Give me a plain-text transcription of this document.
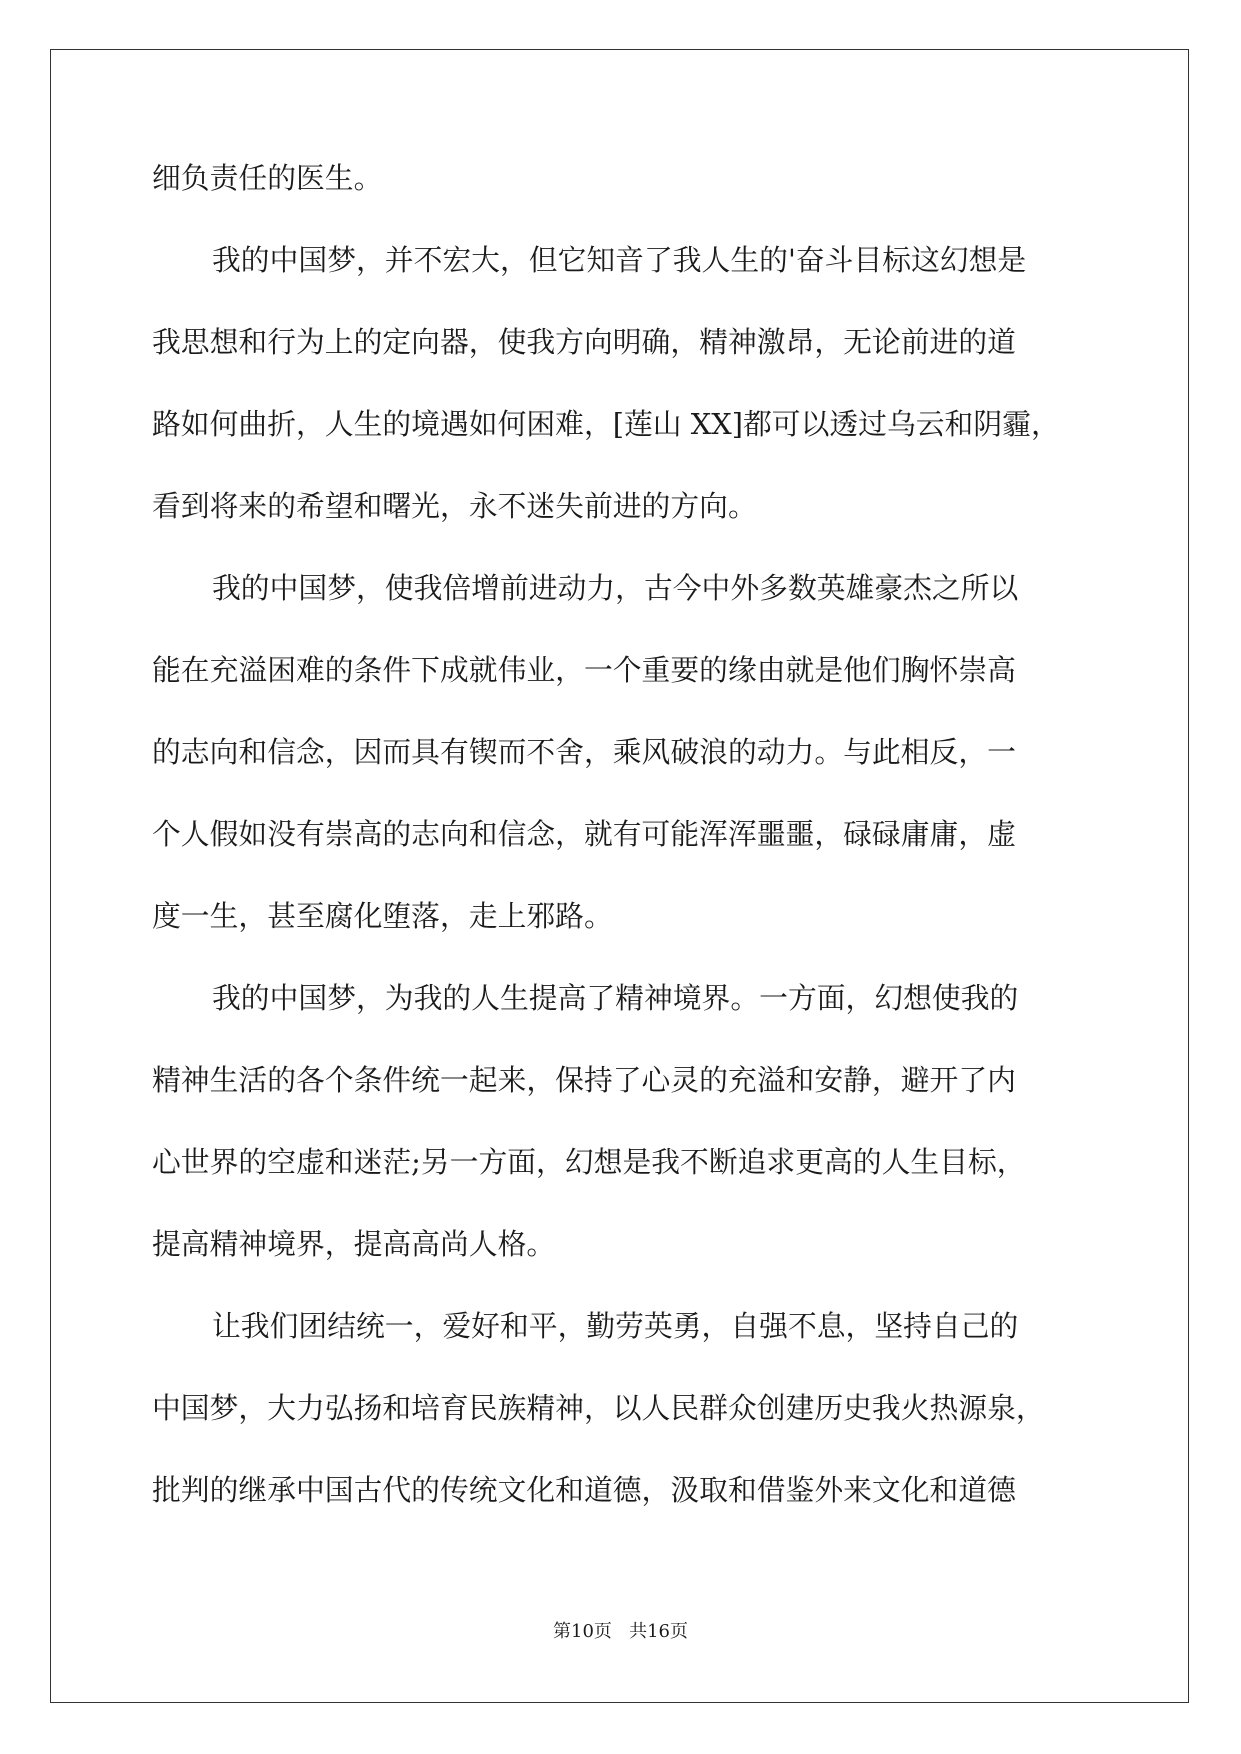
细负责任的医生。
我的中国梦，并不宏大，但它知音了我人生的'奋斗目标这幻想是
我思想和行为上的定向器，使我方向明确，精神激昂，无论前进的道
路如何曲折，人生的境遇如何困难，[莲山 XX]都可以透过乌云和阴霾，
看到将来的希望和曙光，永不迷失前进的方向。
我的中国梦，使我倍增前进动力，古今中外多数英雄豪杰之所以
能在充溢困难的条件下成就伟业，一个重要的缘由就是他们胸怀崇高
的志向和信念，因而具有锲而不舍，乘风破浪的动力。与此相反，一
个人假如没有崇高的志向和信念，就有可能浑浑噩噩，碌碌庸庸，虚
度一生，甚至腐化堕落，走上邪路。
我的中国梦，为我的人生提高了精神境界。一方面，幻想使我的
精神生活的各个条件统一起来，保持了心灵的充溢和安静，避开了内
心世界的空虚和迷茫;另一方面，幻想是我不断追求更高的人生目标，
提高精神境界，提高高尚人格。
让我们团结统一，爱好和平，勤劳英勇，自强不息，坚持自己的
中国梦，大力弘扬和培育民族精神，以人民群众创建历史我火热源泉，
批判的继承中国古代的传统文化和道德，汲取和借鉴外来文化和道德
第10页 共16页
